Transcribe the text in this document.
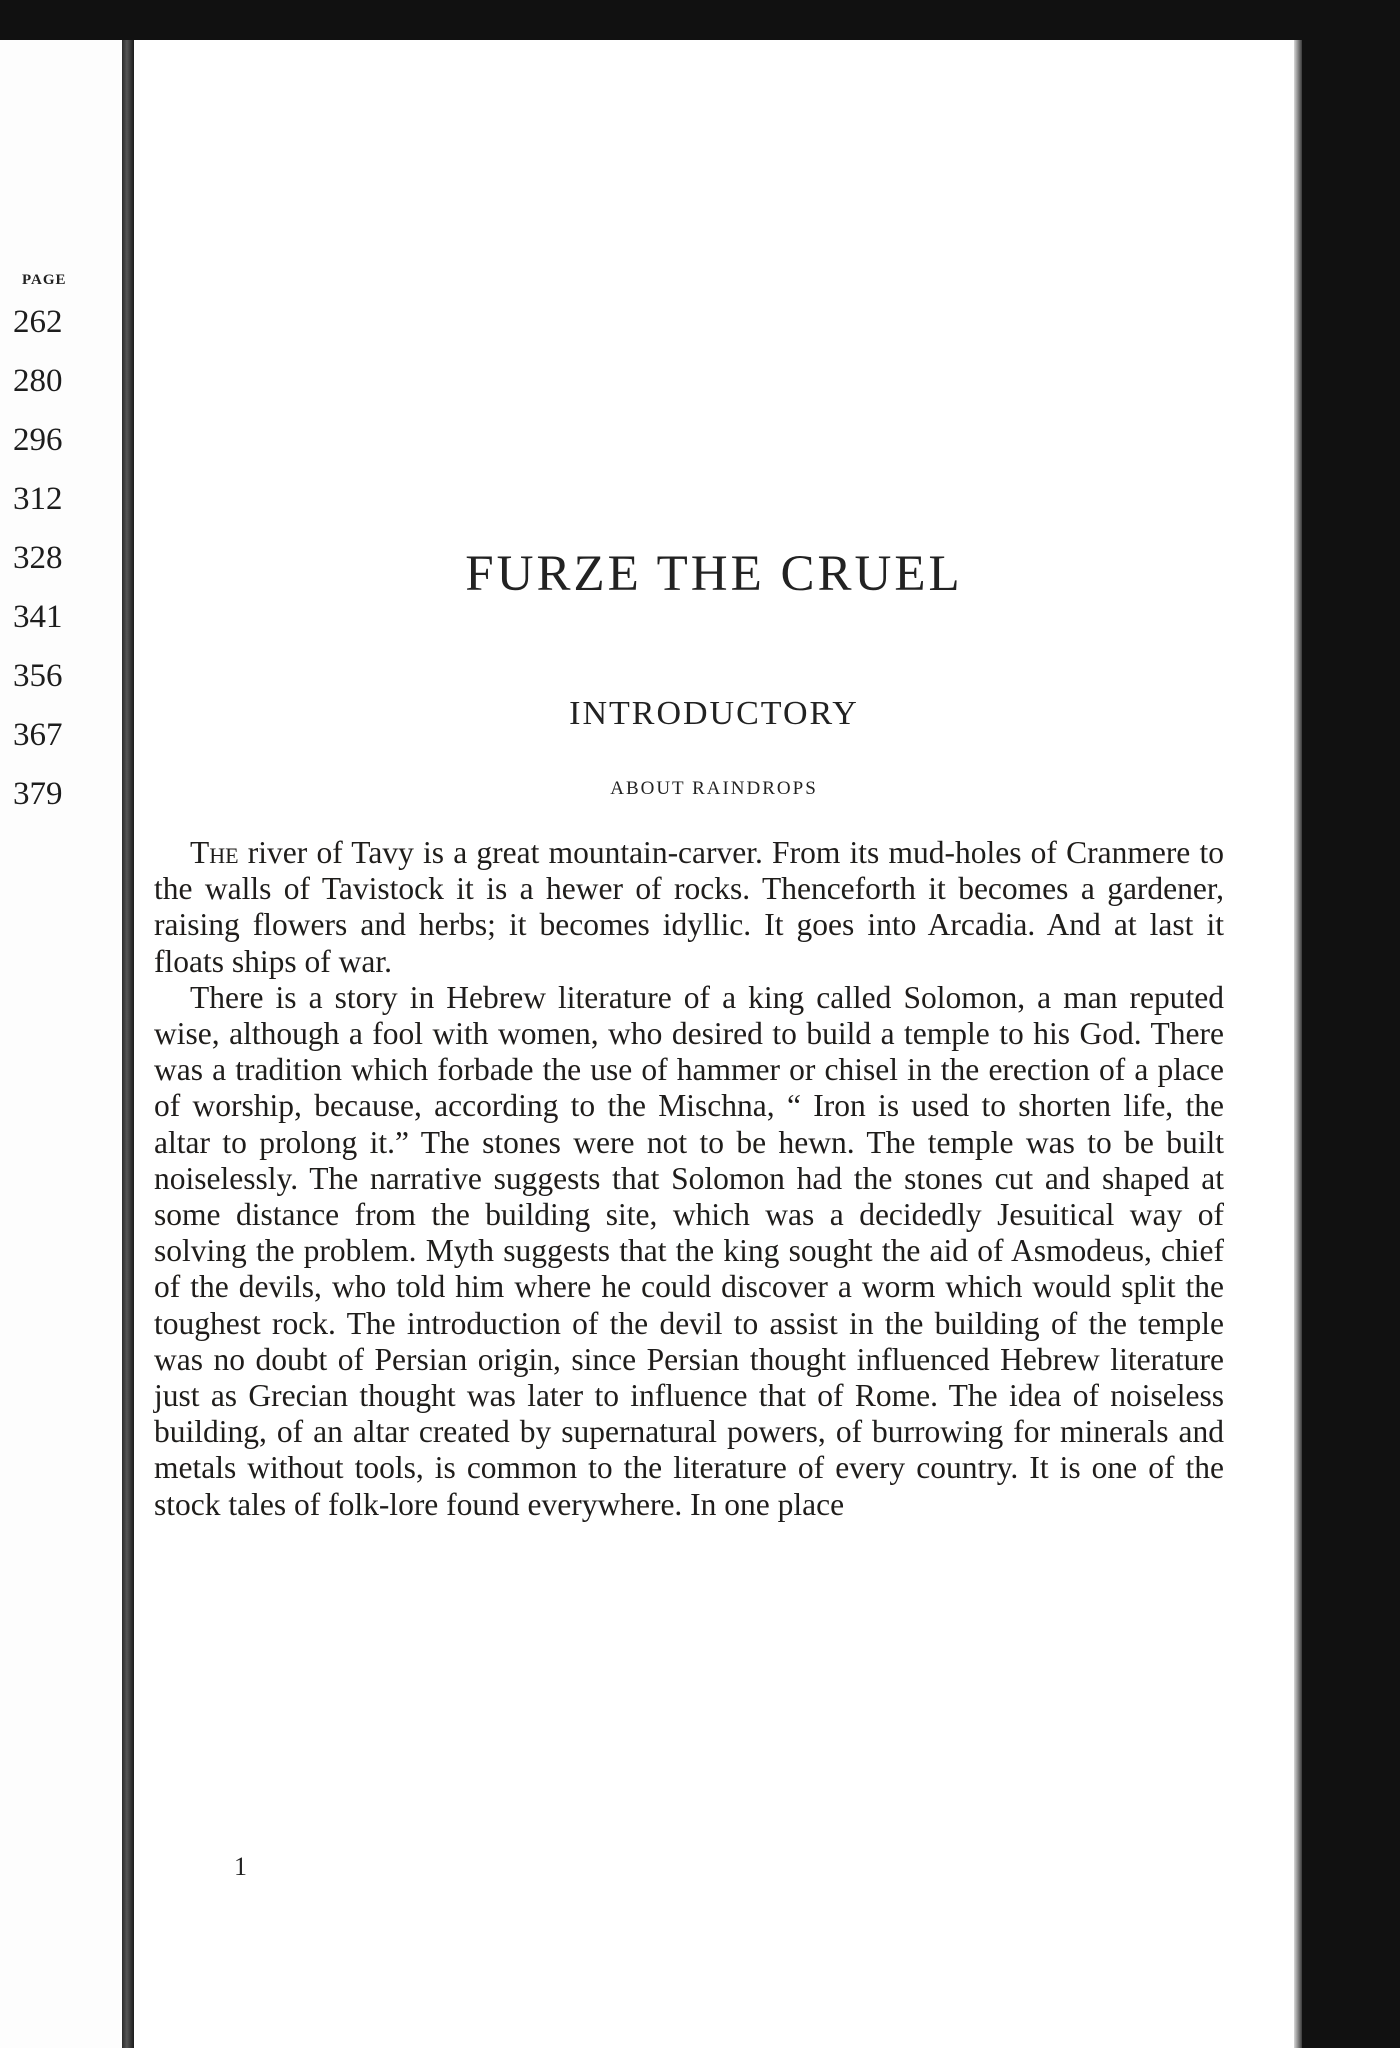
PAGE
262
280
296
312
328
341
356
367
379
FURZE THE CRUEL
INTRODUCTORY
ABOUT RAINDROPS

The river of Tavy is a great mountain-carver. From its mud-holes of Cranmere to the walls of Tavistock it is a hewer of rocks. Thenceforth it becomes a gardener, raising flowers and herbs; it becomes idyllic. It goes into Arcadia. And at last it floats ships of war.

There is a story in Hebrew literature of a king called Solomon, a man reputed wise, although a fool with women, who desired to build a temple to his God. There was a tradition which forbade the use of hammer or chisel in the erection of a place of worship, because, according to the Mischna, “ Iron is used to shorten life, the altar to prolong it.” The stones were not to be hewn. The temple was to be built noiselessly. The narrative suggests that Solomon had the stones cut and shaped at some distance from the building site, which was a decidedly Jesuitical way of solving the problem. Myth suggests that the king sought the aid of Asmodeus, chief of the devils, who told him where he could discover a worm which would split the toughest rock. The introduction of the devil to assist in the building of the temple was no doubt of Persian origin, since Persian thought influenced Hebrew literature just as Grecian thought was later to influence that of Rome. The idea of noiseless building, of an altar created by supernatural powers, of burrowing for minerals and metals without tools, is common to the literature of every country. It is one of the stock tales of folk-lore found everywhere. In one place

1
